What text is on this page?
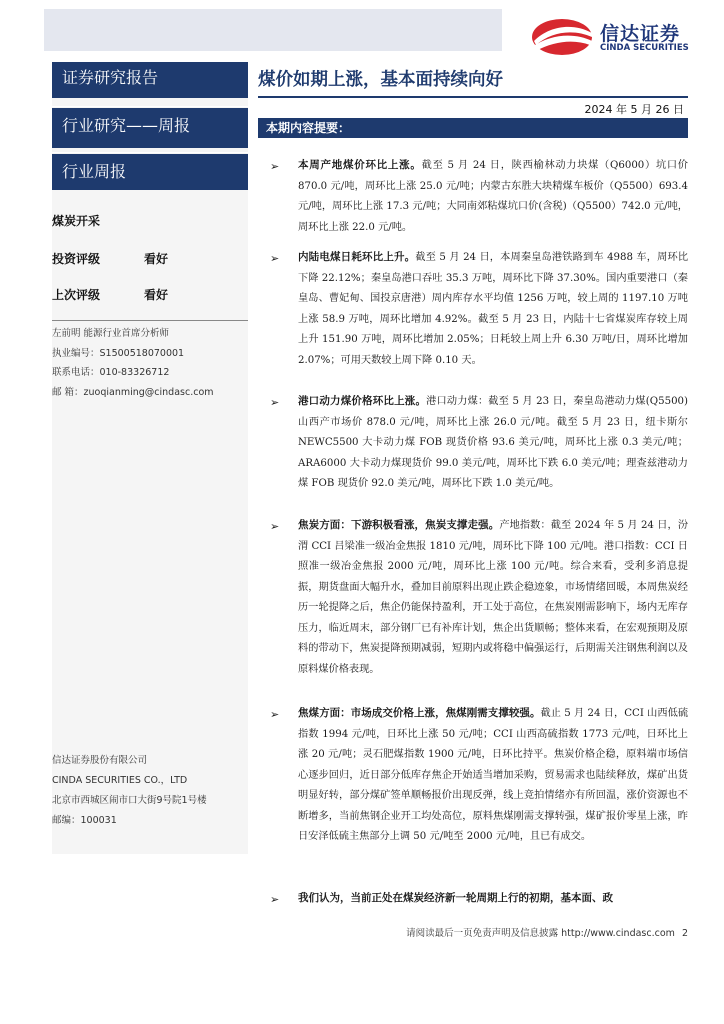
信达证券
CINDA SECURITIES
证券研究报告
行业研究——周报
行业周报
煤炭开采
投资评级	看好
上次评级	看好
左前明 能源行业首席分析师
执业编号：S1500518070001
联系电话：010-83326712
邮 箱：zuoqianming@cindasc.com
信达证券股份有限公司
CINDA SECURITIES CO.，LTD
北京市西城区闹市口大街9号院1号楼
邮编：100031
煤价如期上涨，基本面持续向好
2024 年 5 月 26 日
本期内容提要：
➢ 本周产地煤价环比上涨。截至 5 月 24 日，陕西榆林动力块煤（Q6000）坑口价 870.0 元/吨，周环比上涨 25.0 元/吨；内蒙古东胜大块精煤车板价（Q5500）693.4 元/吨，周环比上涨 17.3 元/吨；大同南郊粘煤坑口价(含税)（Q5500）742.0 元/吨，周环比上涨 22.0 元/吨。
➢ 内陆电煤日耗环比上升。截至 5 月 24 日，本周秦皇岛港铁路到车 4988 车，周环比下降 22.12%；秦皇岛港口吞吐 35.3 万吨，周环比下降 37.30%。国内重要港口（秦皇岛、曹妃甸、国投京唐港）周内库存水平均值 1256 万吨，较上周的 1197.10 万吨上涨 58.9 万吨，周环比增加 4.92%。截至 5 月 23 日，内陆十七省煤炭库存较上周上升 151.90 万吨，周环比增加 2.05%；日耗较上周上升 6.30 万吨/日，周环比增加 2.07%；可用天数较上周下降 0.10 天。
➢ 港口动力煤价格环比上涨。港口动力煤：截至 5 月 23 日，秦皇岛港动力煤(Q5500)山西产市场价 878.0 元/吨，周环比上涨 26.0 元/吨。截至 5 月 23 日，纽卡斯尔 NEWC5500 大卡动力煤 FOB 现货价格 93.6 美元/吨，周环比上涨 0.3 美元/吨；ARA6000 大卡动力煤现货价 99.0 美元/吨，周环比下跌 6.0 美元/吨；理查兹港动力煤 FOB 现货价 92.0 美元/吨，周环比下跌 1.0 美元/吨。
➢ 焦炭方面：下游积极看涨，焦炭支撑走强。产地指数：截至 2024 年 5 月 24 日，汾渭 CCI 吕梁准一级冶金焦报 1810 元/吨，周环比下降 100 元/吨。港口指数：CCI 日照准一级冶金焦报 2000 元/吨，周环比上涨 100 元/吨。综合来看，受利多消息提振，期货盘面大幅升水，叠加目前原料出现止跌企稳迹象，市场情绪回暖，本周焦炭经历一轮提降之后，焦企仍能保持盈利，开工处于高位，在焦炭刚需影响下，场内无库存压力，临近周末，部分钢厂已有补库计划，焦企出货顺畅；整体来看，在宏观预期及原料的带动下，焦炭提降预期减弱，短期内或将稳中偏强运行，后期需关注钢焦利润以及原料煤价格表现。
➢ 焦煤方面：市场成交价格上涨，焦煤刚需支撑较强。截止 5 月 24 日，CCI 山西低硫指数 1994 元/吨，日环比上涨 50 元/吨；CCI 山西高硫指数 1773 元/吨，日环比上涨 20 元/吨；灵石肥煤指数 1900 元/吨，日环比持平。焦炭价格企稳，原料端市场信心逐步回归，近日部分低库存焦企开始适当增加采购，贸易需求也陆续释放，煤矿出货明显好转，部分煤矿签单顺畅报价出现反弹，线上竞拍情绪亦有所回温，涨价资源也不断增多，当前焦钢企业开工均处高位，原料焦煤刚需支撑转强，煤矿报价零星上涨，昨日安泽低硫主焦部分上调 50 元/吨至 2000 元/吨，且已有成交。
➢ 我们认为，当前正处在煤炭经济新一轮周期上行的初期，基本面、政
请阅读最后一页免责声明及信息披露 http://www.cindasc.com 2
